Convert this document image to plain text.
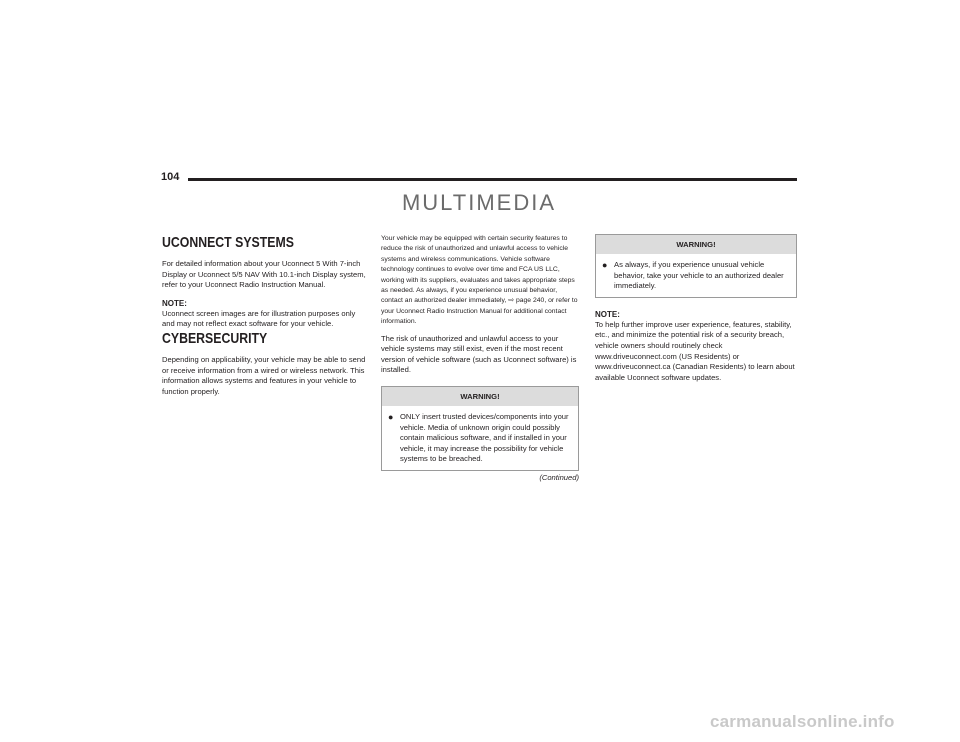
104
MULTIMEDIA
UCONNECT SYSTEMS

For detailed information about your Uconnect 5 With 7-inch Display or Uconnect 5/5 NAV With 10.1-inch Display system, refer to your Uconnect Radio Instruction Manual.

NOTE:

Uconnect screen images are for illustration purposes only and may not reflect exact software for your vehicle.

CYBERSECURITY

Depending on applicability, your vehicle may be able to send or receive information from a wired or wireless network. This information allows systems and features in your vehicle to function properly.

Your vehicle may be equipped with certain security features to reduce the risk of unauthorized and unlawful access to vehicle systems and wireless communications. Vehicle software technology continues to evolve over time and FCA US LLC, working with its suppliers, evaluates and takes appropriate steps as needed. As always, if you experience unusual behavior, contact an authorized dealer immediately, ⇨ page 240, or refer to your Uconnect Radio Instruction Manual for additional contact information.

The risk of unauthorized and unlawful access to your vehicle systems may still exist, even if the most recent version of vehicle software (such as Uconnect software) is installed.

WARNING!
● ONLY insert trusted devices/components into your vehicle. Media of unknown origin could possibly contain malicious software, and if installed in your vehicle, it may increase the possibility for vehicle systems to be breached.

(Continued)
WARNING!
● As always, if you experience unusual vehicle behavior, take your vehicle to an authorized dealer immediately.

NOTE:

To help further improve user experience, features, stability, etc., and minimize the potential risk of a security breach, vehicle owners should routinely check www.driveuconnect.com (US Residents) or www.driveuconnect.ca (Canadian Residents) to learn about available Uconnect software updates.

carmanualsonline.info
